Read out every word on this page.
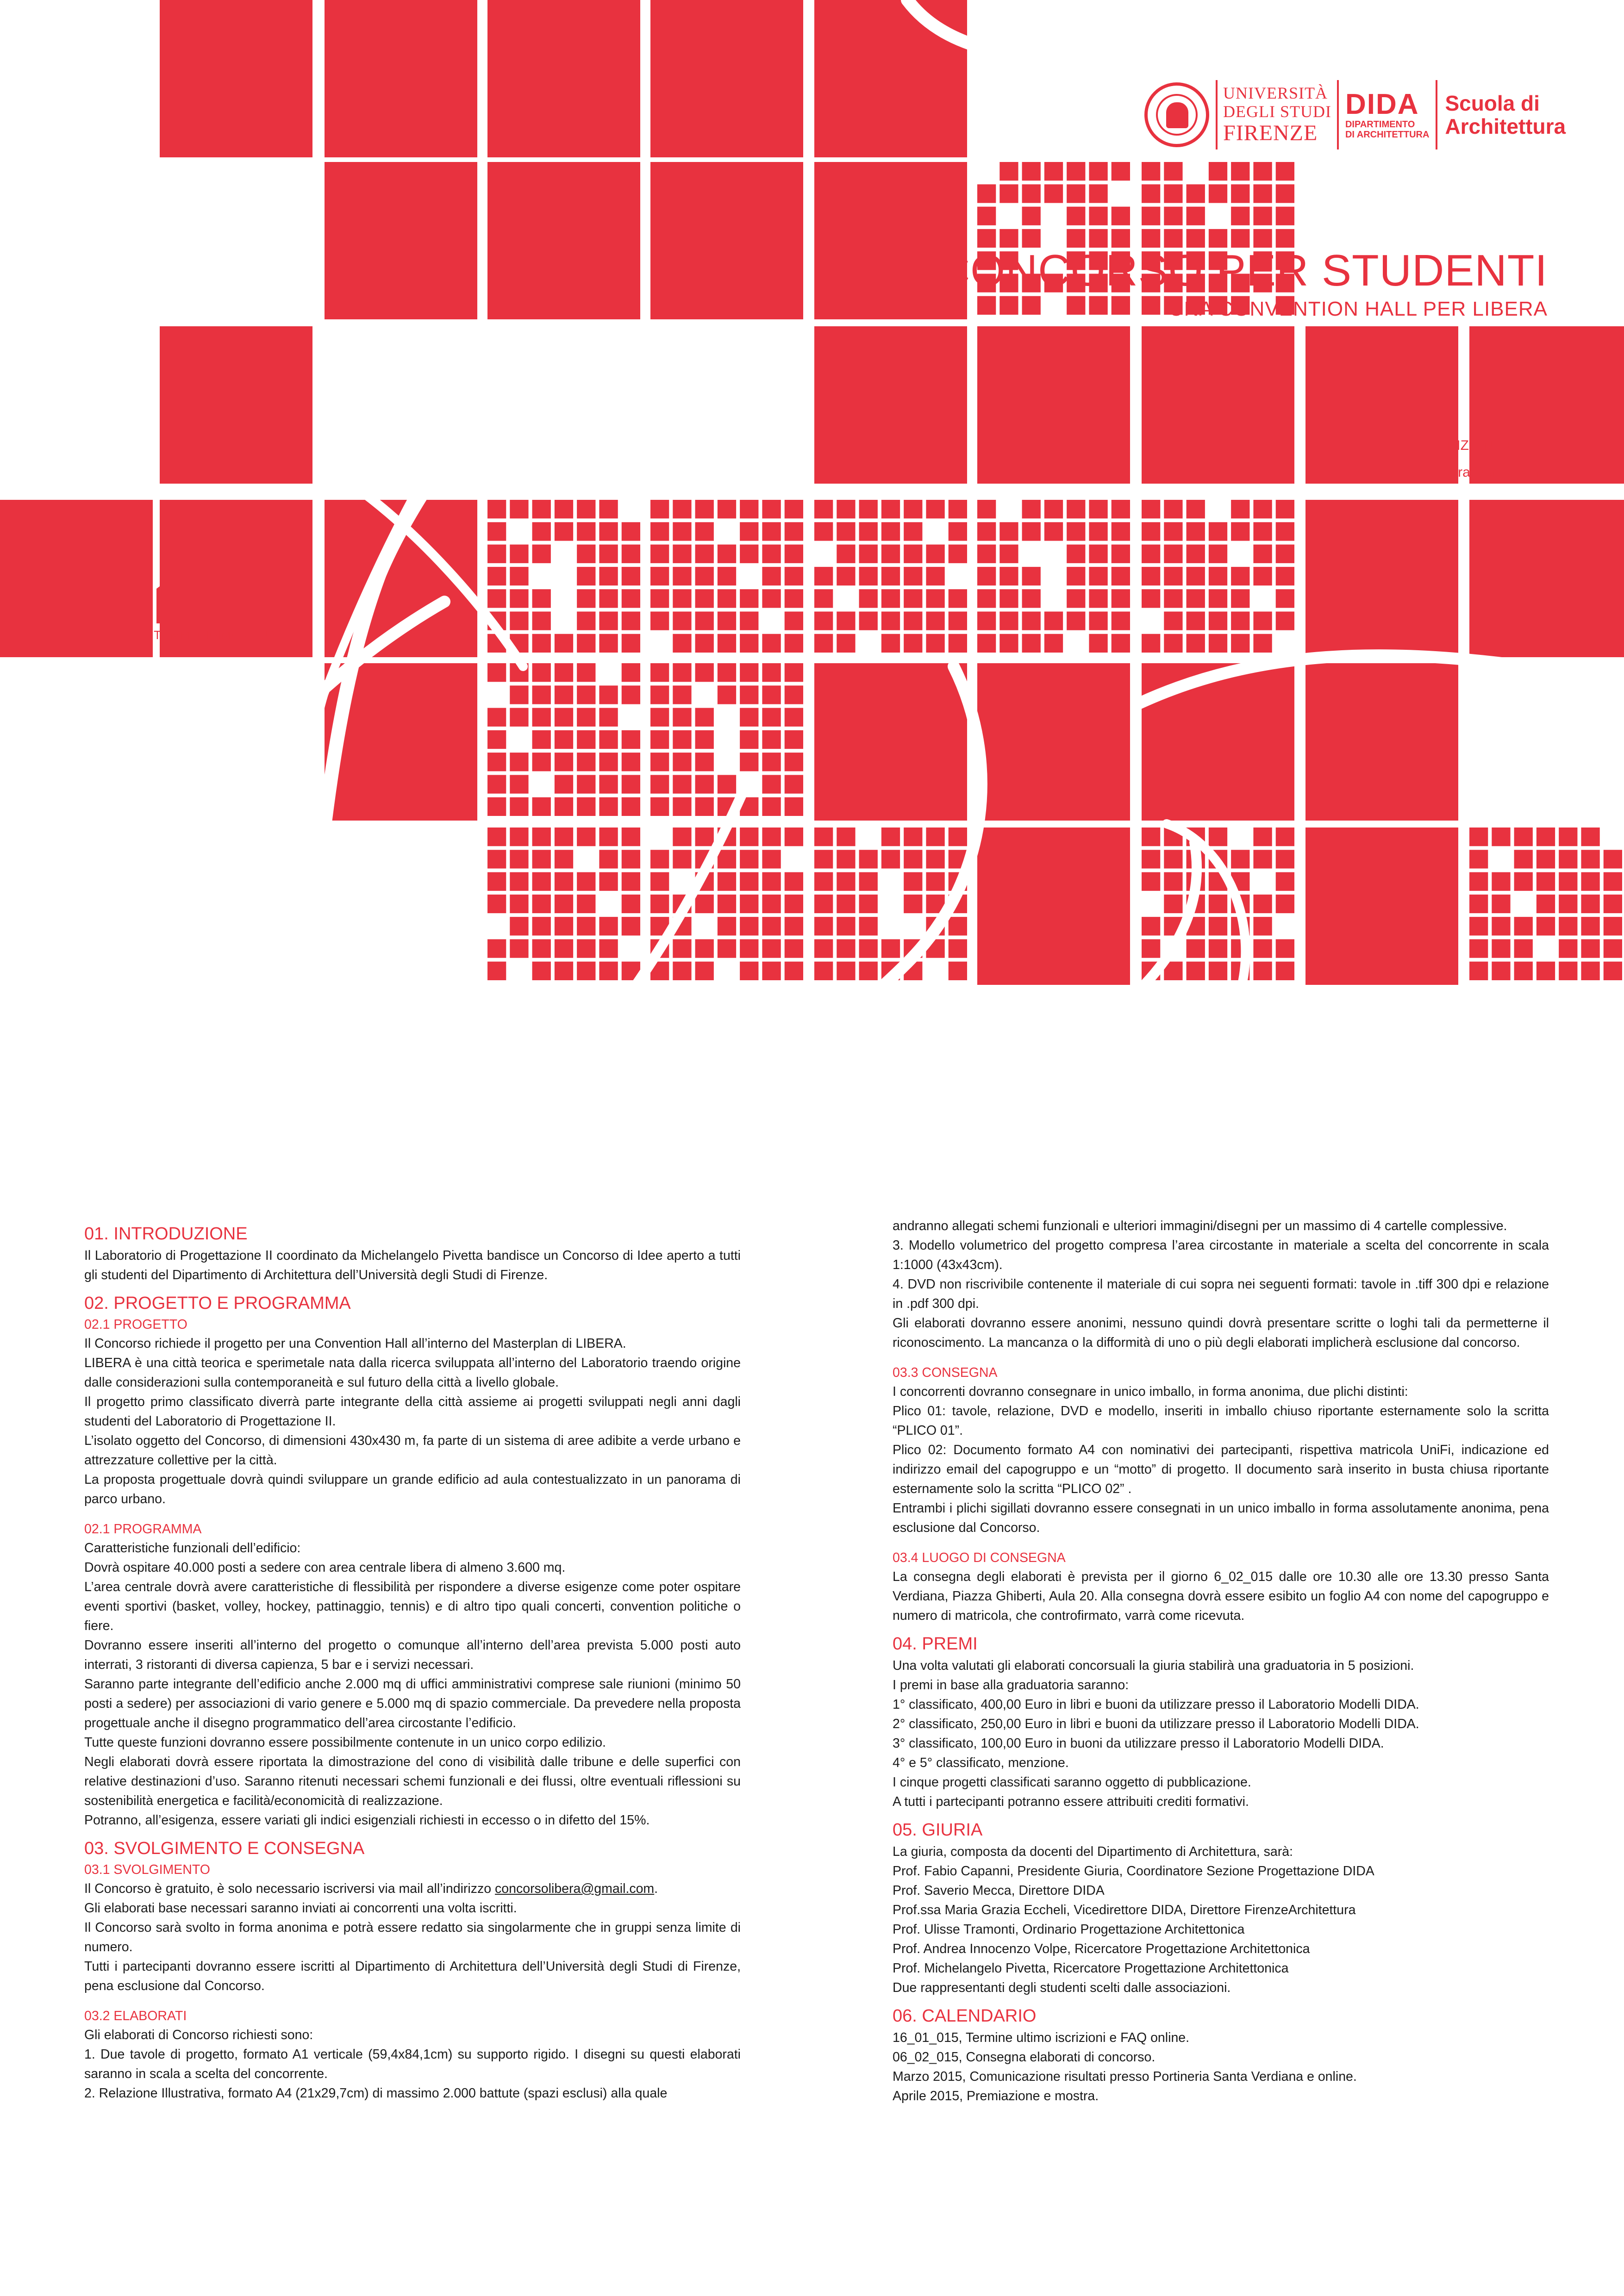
UNIVERSITÀ
DEGLI STUDI
FIRENZE
DIDA
DIPARTIMENTO
DI ARCHITETTURA
Scuola di
Architettura
CONCORSO PER STUDENTI
UNA CONVENTION HALL PER LIBERA
ISCRIZIONE E FAQ
concorsolibera@gmail.com
TOMMI DIDIMO CLUB
01. INTRODUZIONE

Il Laboratorio di Progettazione II coordinato da Michelangelo Pivetta bandisce un Concorso di Idee aperto a tutti gli studenti del Dipartimento di Architettura dell’Università degli Studi di Firenze.

02. PROGETTO E PROGRAMMA
02.1 PROGETTO

Il Concorso richiede il progetto per una Convention Hall all’interno del Masterplan di LIBERA.

LIBERA è una città teorica e sperimetale nata dalla ricerca sviluppata all’interno del Laboratorio traendo origine dalle considerazioni sulla contemporaneità e sul futuro della città a livello globale.

Il progetto primo classificato diverrà parte integrante della città assieme ai progetti sviluppati negli anni dagli studenti del Laboratorio di Progettazione II.

L’isolato oggetto del Concorso, di dimensioni 430x430 m, fa parte di un sistema di aree adibite a verde urbano e attrezzature collettive per la città.

La proposta progettuale dovrà quindi sviluppare un grande edificio ad aula contestualizzato in un panorama di parco urbano.

02.1 PROGRAMMA

Caratteristiche funzionali dell’edificio:

Dovrà ospitare 40.000 posti a sedere con area centrale libera di almeno 3.600 mq.

L’area centrale dovrà avere caratteristiche di flessibilità per rispondere a diverse esigenze come poter ospitare eventi sportivi (basket, volley, hockey, pattinaggio, tennis) e di altro tipo quali concerti, convention politiche o fiere.

Dovranno essere inseriti all’interno del progetto o comunque all’interno dell’area prevista 5.000 posti auto interrati, 3 ristoranti di diversa capienza, 5 bar e i servizi necessari.

Saranno parte integrante dell’edificio anche 2.000 mq di uffici amministrativi comprese sale riunioni (minimo 50 posti a sedere) per associazioni di vario genere e 5.000 mq di spazio commerciale. Da prevedere nella proposta progettuale anche il disegno programmatico dell’area circostante l’edificio.

Tutte queste funzioni dovranno essere possibilmente contenute in un unico corpo edilizio.

Negli elaborati dovrà essere riportata la dimostrazione del cono di visibilità dalle tribune e delle superfici con relative destinazioni d’uso. Saranno ritenuti necessari schemi funzionali e dei flussi, oltre eventuali riflessioni su sostenibilità energetica e facilità/economicità di realizzazione.

Potranno, all’esigenza, essere variati gli indici esigenziali richiesti in eccesso o in difetto del 15%.

03. SVOLGIMENTO E CONSEGNA
03.1 SVOLGIMENTO

Il Concorso è gratuito, è solo necessario iscriversi via mail all’indirizzo concorsolibera@gmail.com.

Gli elaborati base necessari saranno inviati ai concorrenti una volta iscritti.

Il Concorso sarà svolto in forma anonima e potrà essere redatto sia singolarmente che in gruppi senza limite di numero.

Tutti i partecipanti dovranno essere iscritti al Dipartimento di Architettura dell’Università degli Studi di Firenze, pena esclusione dal Concorso.

03.2 ELABORATI

Gli elaborati di Concorso richiesti sono:

1. Due tavole di progetto, formato A1 verticale (59,4x84,1cm) su supporto rigido. I disegni su questi elaborati saranno in scala a scelta del concorrente.

2. Relazione Illustrativa, formato A4 (21x29,7cm) di massimo 2.000 battute (spazi esclusi) alla quale

andranno allegati schemi funzionali e ulteriori immagini/disegni per un massimo di 4 cartelle complessive.

3. Modello volumetrico del progetto compresa l’area circostante in materiale a scelta del concorrente in scala 1:1000 (43x43cm).

4. DVD non riscrivibile contenente il materiale di cui sopra nei seguenti formati: tavole in .tiff 300 dpi e relazione in .pdf 300 dpi.

Gli elaborati dovranno essere anonimi, nessuno quindi dovrà presentare scritte o loghi tali da permetterne il riconoscimento. La mancanza o la difformità di uno o più degli elaborati implicherà esclusione dal concorso.

03.3 CONSEGNA

I concorrenti dovranno consegnare in unico imballo, in forma anonima, due plichi distinti:

Plico 01: tavole, relazione, DVD e modello, inseriti in imballo chiuso riportante esternamente solo la scritta “PLICO 01”.

Plico 02: Documento formato A4 con nominativi dei partecipanti, rispettiva matricola UniFi, indicazione ed indirizzo email del capogruppo e un “motto” di progetto. Il documento sarà inserito in busta chiusa riportante esternamente solo la scritta “PLICO 02” .

Entrambi i plichi sigillati dovranno essere consegnati in un unico imballo in forma assolutamente anonima, pena esclusione dal Concorso.

03.4 LUOGO DI CONSEGNA

La consegna degli elaborati è prevista per il giorno 6_02_015 dalle ore 10.30 alle ore 13.30 presso Santa Verdiana, Piazza Ghiberti, Aula 20. Alla consegna dovrà essere esibito un foglio A4 con nome del capogruppo e numero di matricola, che controfirmato, varrà come ricevuta.

04. PREMI

Una volta valutati gli elaborati concorsuali la giuria stabilirà una graduatoria in 5 posizioni.

I premi in base alla graduatoria saranno:

1° classificato, 400,00 Euro in libri e buoni da utilizzare presso il Laboratorio Modelli DIDA.

2° classificato, 250,00 Euro in libri e buoni da utilizzare presso il Laboratorio Modelli DIDA.

3° classificato, 100,00 Euro in buoni da utilizzare presso il Laboratorio Modelli DIDA.

4° e 5° classificato, menzione.

I cinque progetti classificati saranno oggetto di pubblicazione.

A tutti i partecipanti potranno essere attribuiti crediti formativi.

05. GIURIA

La giuria, composta da docenti del Dipartimento di Architettura, sarà:

Prof. Fabio Capanni, Presidente Giuria, Coordinatore Sezione Progettazione DIDA

Prof. Saverio Mecca, Direttore DIDA

Prof.ssa Maria Grazia Eccheli, Vicedirettore DIDA, Direttore FirenzeArchitettura

Prof. Ulisse Tramonti, Ordinario Progettazione Architettonica

Prof. Andrea Innocenzo Volpe, Ricercatore Progettazione Architettonica

Prof. Michelangelo Pivetta, Ricercatore Progettazione Architettonica

Due rappresentanti degli studenti scelti dalle associazioni.

06. CALENDARIO

16_01_015, Termine ultimo iscrizioni e FAQ online.

06_02_015, Consegna elaborati di concorso.

Marzo 2015, Comunicazione risultati presso Portineria Santa Verdiana e online.

Aprile 2015, Premiazione e mostra.
